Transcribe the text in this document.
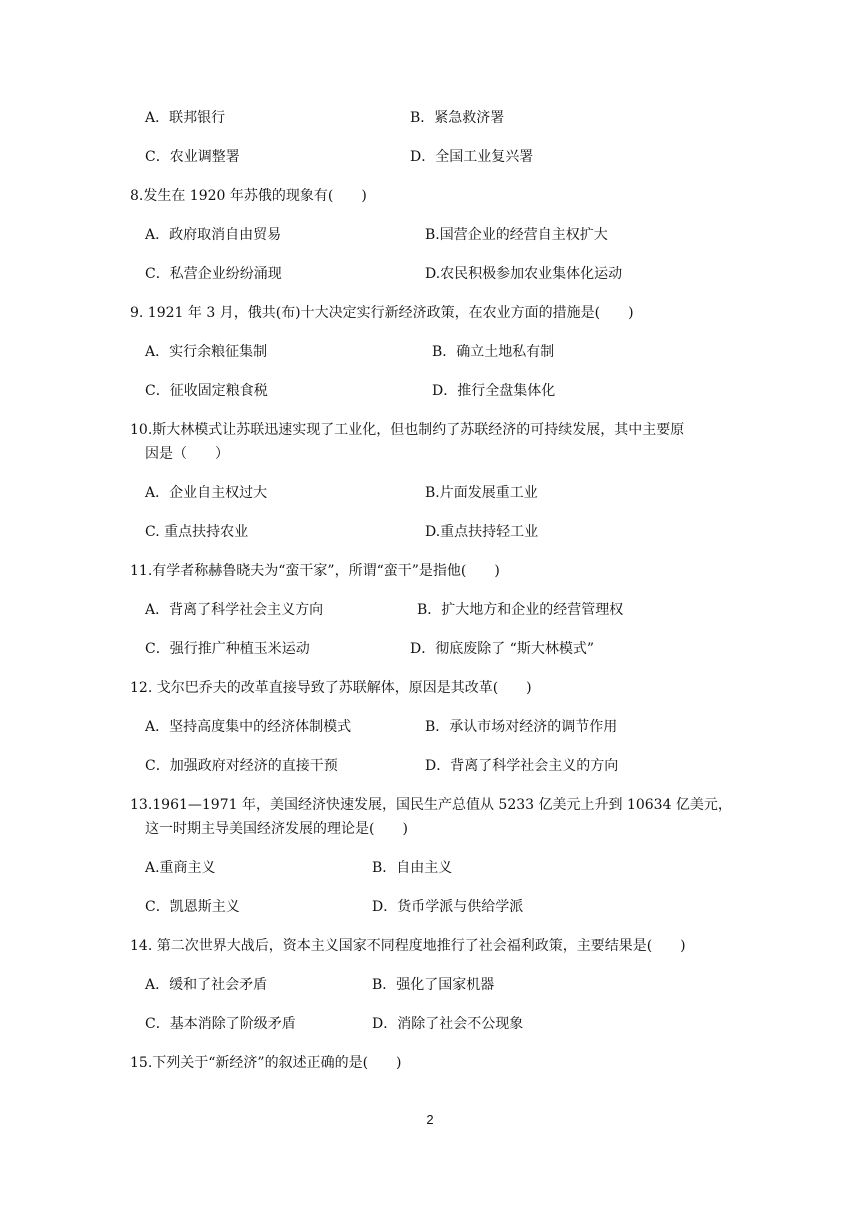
A．联邦银行	B．紧急救济署
C．农业调整署	D．全国工业复兴署
8.发生在 1920 年苏俄的现象有(　　)
A．政府取消自由贸易	B.国营企业的经营自主权扩大
C．私营企业纷纷涌现	D.农民积极参加农业集体化运动
9. 1921 年 3 月，俄共(布)十大决定实行新经济政策，在农业方面的措施是(　　)
A．实行余粮征集制	B．确立土地私有制
C．征收固定粮食税	D．推行全盘集体化
10.斯大林模式让苏联迅速实现了工业化，但也制约了苏联经济的可持续发展，其中主要原
因是（　　）
A．企业自主权过大	B.片面发展重工业
C. 重点扶持农业	D.重点扶持轻工业
11.有学者称赫鲁晓夫为“蛮干家”，所谓“蛮干”是指他(　　)
A．背离了科学社会主义方向	B．扩大地方和企业的经营管理权
C．强行推广种植玉米运动	D．彻底废除了 “斯大林模式”
12. 戈尔巴乔夫的改革直接导致了苏联解体，原因是其改革(　　)
A．坚持高度集中的经济体制模式	B．承认市场对经济的调节作用
C．加强政府对经济的直接干预	D．背离了科学社会主义的方向
13.1961—1971 年，美国经济快速发展，国民生产总值从 5233 亿美元上升到 10634 亿美元，
这一时期主导美国经济发展的理论是(　　)
A.重商主义	B．自由主义
C．凯恩斯主义	D．货币学派与供给学派
14. 第二次世界大战后，资本主义国家不同程度地推行了社会福利政策，主要结果是(　　)
A．缓和了社会矛盾	B．强化了国家机器
C．基本消除了阶级矛盾	D．消除了社会不公现象
15.下列关于“新经济”的叙述正确的是(　　)
2
